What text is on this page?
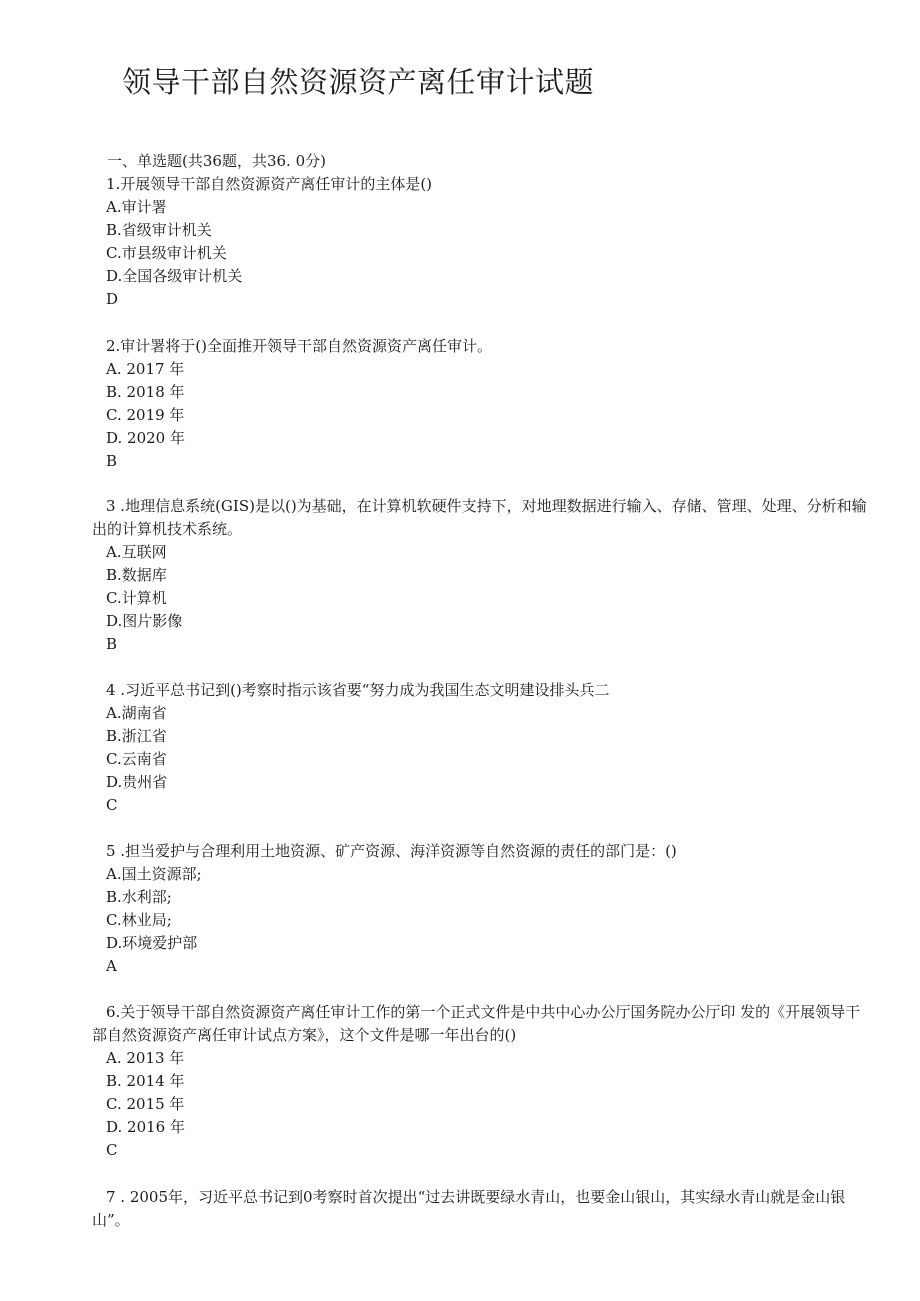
领导干部自然资源资产离任审计试题
一、单选题(共36题，共36. 0分)
1.开展领导干部自然资源资产离任审计的主体是()
A.审计署
B.省级审计机关
C.市县级审计机关
D.全国各级审计机关
D
2.审计署将于()全面推开领导干部自然资源资产离任审计。
A. 2017 年
B. 2018 年
C. 2019 年
D. 2020 年
B
3 .地理信息系统(GIS)是以()为基础，在计算机软硬件支持下，对地理数据进行输入、存储、管理、处理、分析和输出的计算机技术系统。
A.互联网
B.数据库
C.计算机
D.图片影像
B
4 .习近平总书记到()考察时指示该省要“努力成为我国生态文明建设排头兵二
A.湖南省
B.浙江省
C.云南省
D.贵州省
C
5 .担当爱护与合理利用土地资源、矿产资源、海洋资源等自然资源的责任的部门是：()
A.国土资源部;
B.水利部;
C.林业局;
D.环境爱护部
A
6.关于领导干部自然资源资产离任审计工作的第一个正式文件是中共中心办公厅国务院办公厅印 发的《开展领导干部自然资源资产离任审计试点方案》，这个文件是哪一年出台的()
A. 2013 年
B. 2014 年
C. 2015 年
D. 2016 年
C
7 . 2005年，习近平总书记到0考察时首次提出“过去讲既要绿水青山，也要金山银山，其实绿水青山就是金山银山”。
